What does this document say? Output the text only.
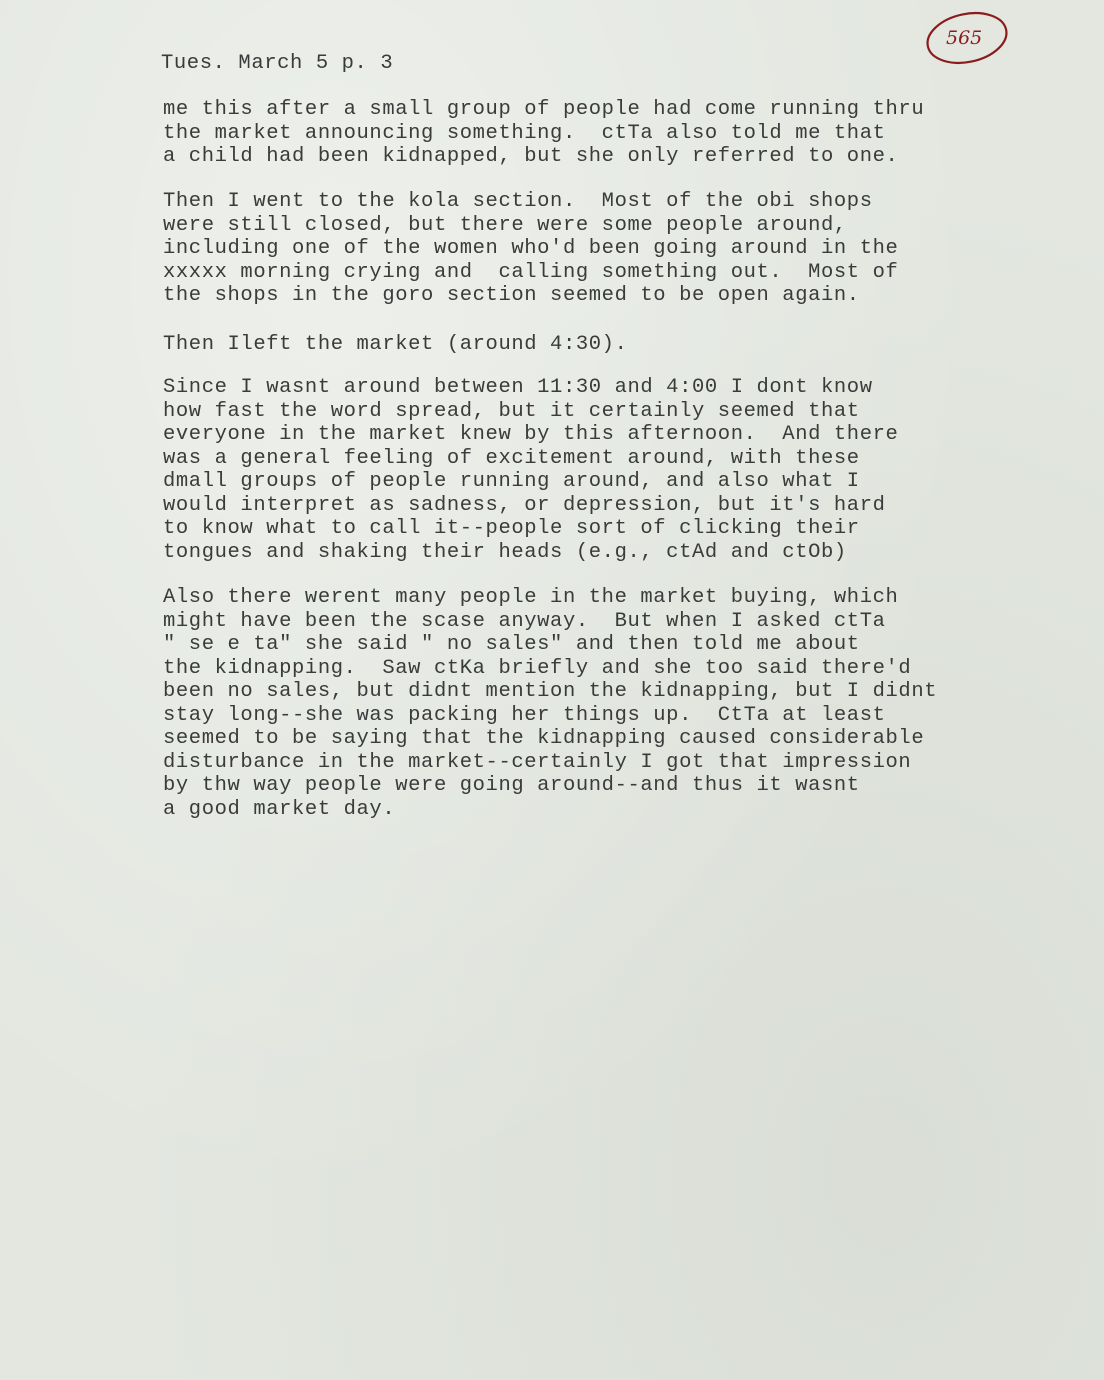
565
Tues. March 5 p. 3
me this after a small group of people had come running thru
the market announcing something.  ctTa also told me that
a child had been kidnapped, but she only referred to one.
Then I went to the kola section.  Most of the obi shops
were still closed, but there were some people around,
including one of the women who'd been going around in the
xxxxx morning crying and  calling something out.  Most of
the shops in the goro section seemed to be open again.
Then Ileft the market (around 4:30).
Since I wasnt around between 11:30 and 4:00 I dont know
how fast the word spread, but it certainly seemed that
everyone in the market knew by this afternoon.  And there
was a general feeling of excitement around, with these
dmall groups of people running around, and also what I
would interpret as sadness, or depression, but it's hard
to know what to call it--people sort of clicking their
tongues and shaking their heads (e.g., ctAd and ctOb)
Also there werent many people in the market buying, which
might have been the scase anyway.  But when I asked ctTa
" se e ta" she said " no sales" and then told me about
the kidnapping.  Saw ctKa briefly and she too said there'd
been no sales, but didnt mention the kidnapping, but I didnt
stay long--she was packing her things up.  CtTa at least
seemed to be saying that the kidnapping caused considerable
disturbance in the market--certainly I got that impression
by thw way people were going around--and thus it wasnt
a good market day.
